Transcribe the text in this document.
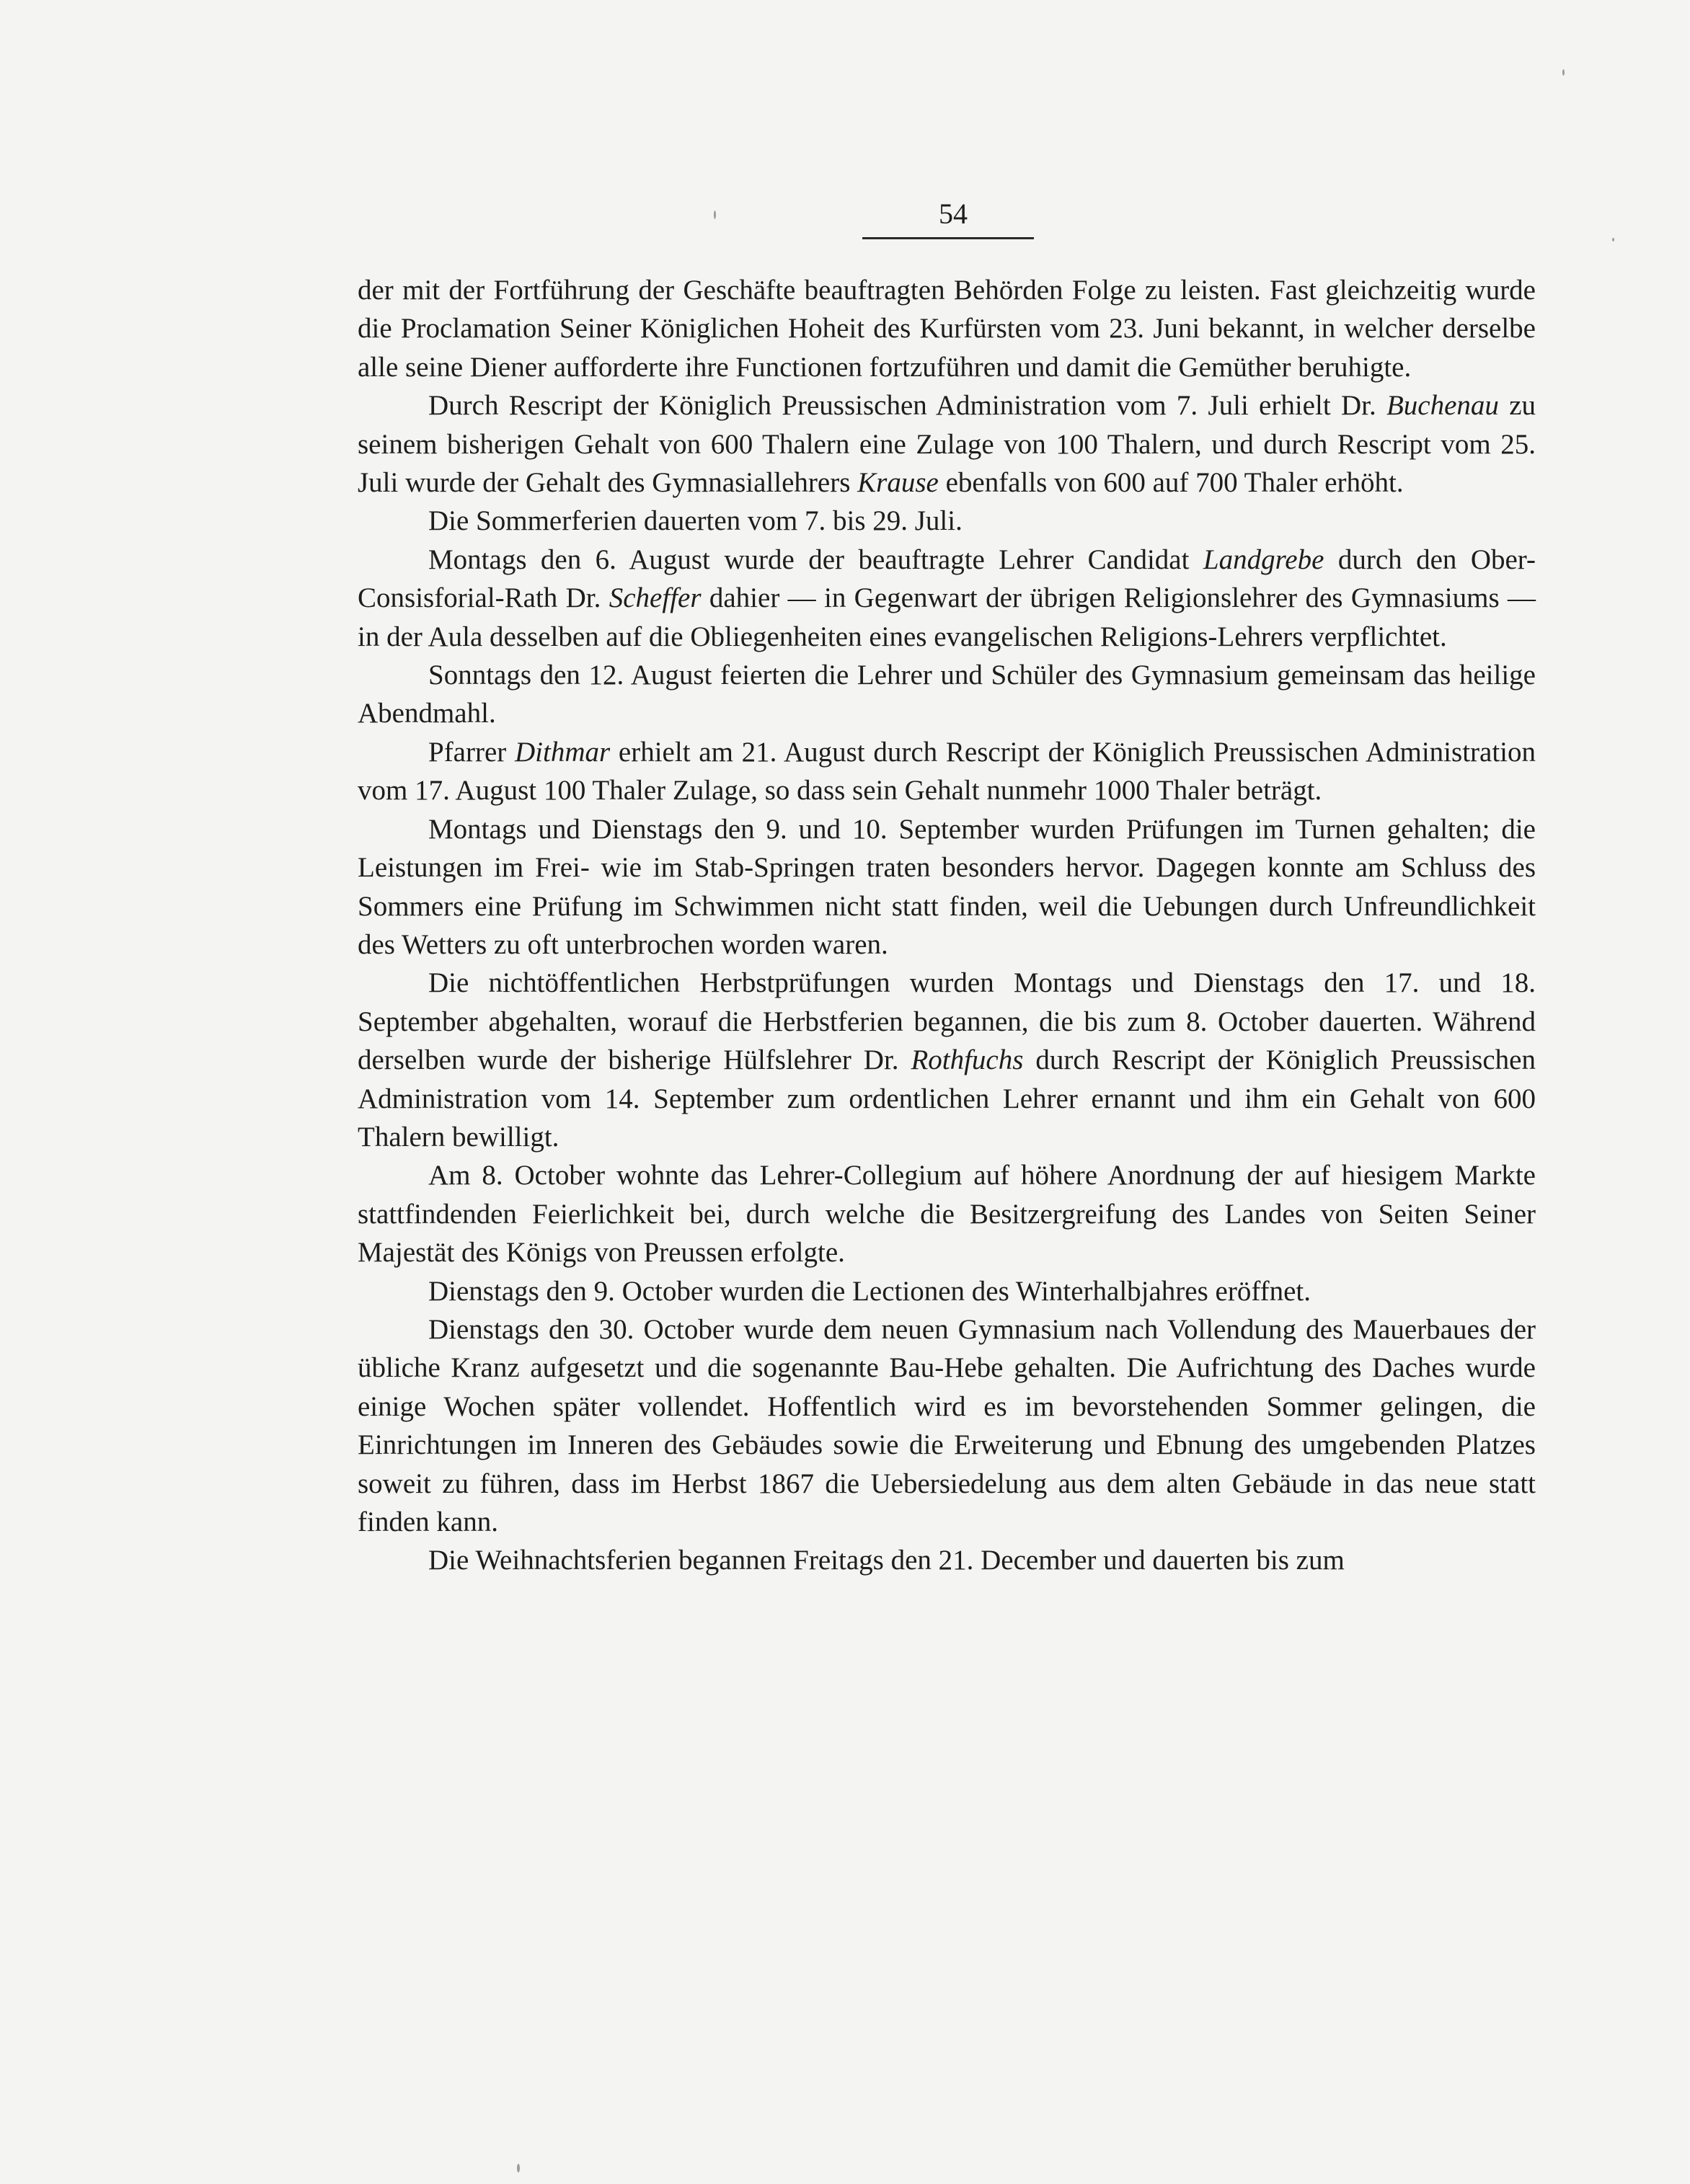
54

der mit der Fortführung der Geschäfte beauftragten Behörden Folge zu leisten. Fast gleichzeitig wurde die Proclamation Seiner Königlichen Hoheit des Kurfürsten vom 23. Juni bekannt, in welcher derselbe alle seine Diener aufforderte ihre Functionen fortzuführen und damit die Gemüther beruhigte.

Durch Rescript der Königlich Preussischen Administration vom 7. Juli erhielt Dr. Buchenau zu seinem bisherigen Gehalt von 600 Thalern eine Zulage von 100 Thalern, und durch Rescript vom 25. Juli wurde der Gehalt des Gymnasiallehrers Krause ebenfalls von 600 auf 700 Thaler erhöht.

Die Sommerferien dauerten vom 7. bis 29. Juli.

Montags den 6. August wurde der beauftragte Lehrer Candidat Landgrebe durch den Ober-Consisforial-Rath Dr. Scheffer dahier — in Gegenwart der übrigen Religionslehrer des Gymnasiums — in der Aula desselben auf die Obliegenheiten eines evangelischen Religions-Lehrers verpflichtet.

Sonntags den 12. August feierten die Lehrer und Schüler des Gymnasium gemeinsam das heilige Abendmahl.

Pfarrer Dithmar erhielt am 21. August durch Rescript der Königlich Preussischen Administration vom 17. August 100 Thaler Zulage, so dass sein Gehalt nunmehr 1000 Thaler beträgt.

Montags und Dienstags den 9. und 10. September wurden Prüfungen im Turnen gehalten; die Leistungen im Frei- wie im Stab-Springen traten besonders hervor. Dagegen konnte am Schluss des Sommers eine Prüfung im Schwimmen nicht statt finden, weil die Uebungen durch Unfreundlichkeit des Wetters zu oft unterbrochen worden waren.

Die nichtöffentlichen Herbstprüfungen wurden Montags und Dienstags den 17. und 18. September abgehalten, worauf die Herbstferien begannen, die bis zum 8. October dauerten. Während derselben wurde der bisherige Hülfslehrer Dr. Rothfuchs durch Rescript der Königlich Preussischen Administration vom 14. September zum ordentlichen Lehrer ernannt und ihm ein Gehalt von 600 Thalern bewilligt.

Am 8. October wohnte das Lehrer-Collegium auf höhere Anordnung der auf hiesigem Markte stattfindenden Feierlichkeit bei, durch welche die Besitzergreifung des Landes von Seiten Seiner Majestät des Königs von Preussen erfolgte.

Dienstags den 9. October wurden die Lectionen des Winterhalbjahres eröffnet.

Dienstags den 30. October wurde dem neuen Gymnasium nach Vollendung des Mauerbaues der übliche Kranz aufgesetzt und die sogenannte Bau-Hebe gehalten. Die Aufrichtung des Daches wurde einige Wochen später vollendet. Hoffentlich wird es im bevorstehenden Sommer gelingen, die Einrichtungen im Inneren des Gebäudes sowie die Erweiterung und Ebnung des umgebenden Platzes soweit zu führen, dass im Herbst 1867 die Uebersiedelung aus dem alten Gebäude in das neue statt finden kann.

Die Weihnachtsferien begannen Freitags den 21. December und dauerten bis zum
